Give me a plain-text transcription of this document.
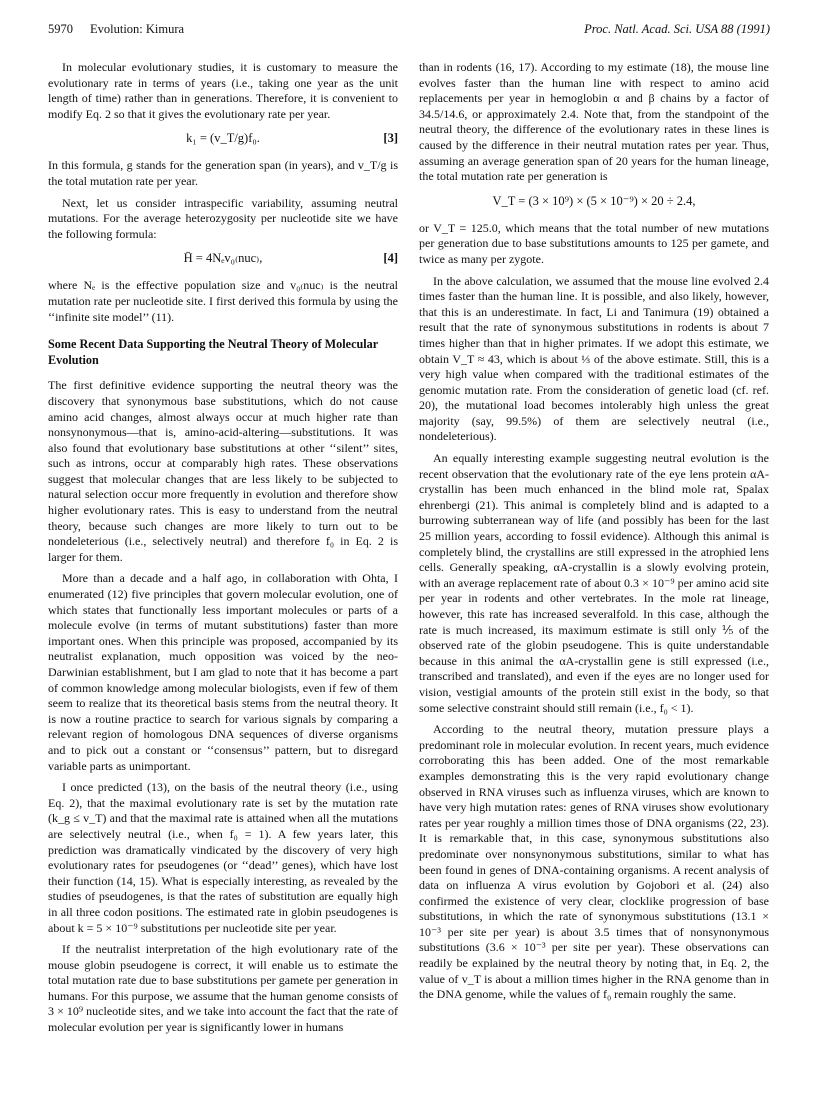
5970 Evolution: Kimura	Proc. Natl. Acad. Sci. USA 88 (1991)

In molecular evolutionary studies, it is customary to measure the evolutionary rate in terms of years (i.e., taking one year as the unit length of time) rather than in generations. Therefore, it is convenient to modify Eq. 2 so that it gives the evolutionary rate per year.

k₁ = (v_T/g)f₀.	[3]

In this formula, g stands for the generation span (in years), and v_T/g is the total mutation rate per year.

Next, let us consider intraspecific variability, assuming neutral mutations. For the average heterozygosity per nucleotide site we have the following formula:

H̄ = 4Nₑv₀₍nuc₎,	[4]

where Nₑ is the effective population size and v₀₍nuc₎ is the neutral mutation rate per nucleotide site. I first derived this formula by using the ‘‘infinite site model’’ (11).

Some Recent Data Supporting the Neutral Theory of Molecular Evolution

The first definitive evidence supporting the neutral theory was the discovery that synonymous base substitutions, which do not cause amino acid changes, almost always occur at much higher rate than nonsynonymous—that is, amino-acid-altering—substitutions. It was also found that evolutionary base substitutions at other ‘‘silent’’ sites, such as introns, occur at comparably high rates. These observations suggest that molecular changes that are less likely to be subjected to natural selection occur more frequently in evolution and therefore show higher evolutionary rates. This is easy to understand from the neutral theory, because such changes are more likely to turn out to be nondeleterious (i.e., selectively neutral) and therefore f₀ in Eq. 2 is larger for them.

More than a decade and a half ago, in collaboration with Ohta, I enumerated (12) five principles that govern molecular evolution, one of which states that functionally less important molecules or parts of a molecule evolve (in terms of mutant substitutions) faster than more important ones. When this principle was proposed, accompanied by its neutralist explanation, much opposition was voiced by the neo-Darwinian establishment, but I am glad to note that it has become a part of common knowledge among molecular biologists, even if few of them seem to realize that its theoretical basis stems from the neutral theory. It is now a routine practice to search for various signals by comparing a relevant region of homologous DNA sequences of diverse organisms and to pick out a constant or ‘‘consensus’’ pattern, but to disregard variable parts as unimportant.

I once predicted (13), on the basis of the neutral theory (i.e., using Eq. 2), that the maximal evolutionary rate is set by the mutation rate (k_g ≤ v_T) and that the maximal rate is attained when all the mutations are selectively neutral (i.e., when f₀ = 1). A few years later, this prediction was dramatically vindicated by the discovery of very high evolutionary rates for pseudogenes (or ‘‘dead’’ genes), which have lost their function (14, 15). What is especially interesting, as revealed by the studies of pseudogenes, is that the rates of substitution are equally high in all three codon positions. The estimated rate in globin pseudogenes is about k = 5 × 10⁻⁹ substitutions per nucleotide site per year.

If the neutralist interpretation of the high evolutionary rate of the mouse globin pseudogene is correct, it will enable us to estimate the total mutation rate due to base substitutions per gamete per generation in humans. For this purpose, we assume that the human genome consists of 3 × 10⁹ nucleotide sites, and we take into account the fact that the rate of molecular evolution per year is significantly lower in humans

than in rodents (16, 17). According to my estimate (18), the mouse line evolves faster than the human line with respect to amino acid replacements per year in hemoglobin α and β chains by a factor of 34.5/14.6, or approximately 2.4. Note that, from the standpoint of the neutral theory, the difference of the evolutionary rates in these lines is caused by the difference in their neutral mutation rates per year. Thus, assuming an average generation span of 20 years for the human lineage, the total mutation rate per generation is

V_T = (3 × 10⁹) × (5 × 10⁻⁹) × 20 ÷ 2.4,

or V_T = 125.0, which means that the total number of new mutations per generation due to base substitutions amounts to 125 per gamete, and twice as many per zygote.

In the above calculation, we assumed that the mouse line evolved 2.4 times faster than the human line. It is possible, and also likely, however, that this is an underestimate. In fact, Li and Tanimura (19) obtained a result that the rate of synonymous substitutions in rodents is about 7 times higher than that in higher primates. If we adopt this estimate, we obtain V_T ≈ 43, which is about ⅓ of the above estimate. Still, this is a very high value when compared with the traditional estimates of the genomic mutation rate. From the consideration of genetic load (cf. ref. 20), the mutational load becomes intolerably high unless the great majority (say, 99.5%) of them are selectively neutral (i.e., nondeleterious).

An equally interesting example suggesting neutral evolution is the recent observation that the evolutionary rate of the eye lens protein αA-crystallin has been much enhanced in the blind mole rat, Spalax ehrenbergi (21). This animal is completely blind and is adapted to a burrowing subterranean way of life (and possibly has been for the last 25 million years, according to fossil evidence). Although this animal is completely blind, the crystallins are still expressed in the atrophied lens cells. Generally speaking, αA-crystallin is a slowly evolving protein, with an average replacement rate of about 0.3 × 10⁻⁹ per amino acid site per year in rodents and other vertebrates. In the mole rat lineage, however, this rate has increased severalfold. In this case, although the rate is much increased, its maximum estimate is still only ⅕ of the observed rate of the globin pseudogene. This is quite understandable because in this animal the αA-crystallin gene is still expressed (i.e., transcribed and translated), and even if the eyes are no longer used for vision, vestigial amounts of the protein still exist in the body, so that some selective constraint should still remain (i.e., f₀ < 1).

According to the neutral theory, mutation pressure plays a predominant role in molecular evolution. In recent years, much evidence corroborating this has been added. One of the most remarkable examples demonstrating this is the very rapid evolutionary change observed in RNA viruses such as influenza viruses, which are known to have very high mutation rates: genes of RNA viruses show evolutionary rates per year roughly a million times those of DNA organisms (22, 23). It is remarkable that, in this case, synonymous substitutions also predominate over nonsynonymous substitutions, similar to what has been found in genes of DNA-containing organisms. A recent analysis of data on influenza A virus evolution by Gojobori et al. (24) also confirmed the existence of very clear, clocklike progression of base substitutions, in which the rate of synonymous substitutions (13.1 × 10⁻³ per site per year) is about 3.5 times that of nonsynonymous substitutions (3.6 × 10⁻³ per site per year). These observations can readily be explained by the neutral theory by noting that, in Eq. 2, the value of v_T is about a million times higher in the RNA genome than in the DNA genome, while the values of f₀ remain roughly the same.
